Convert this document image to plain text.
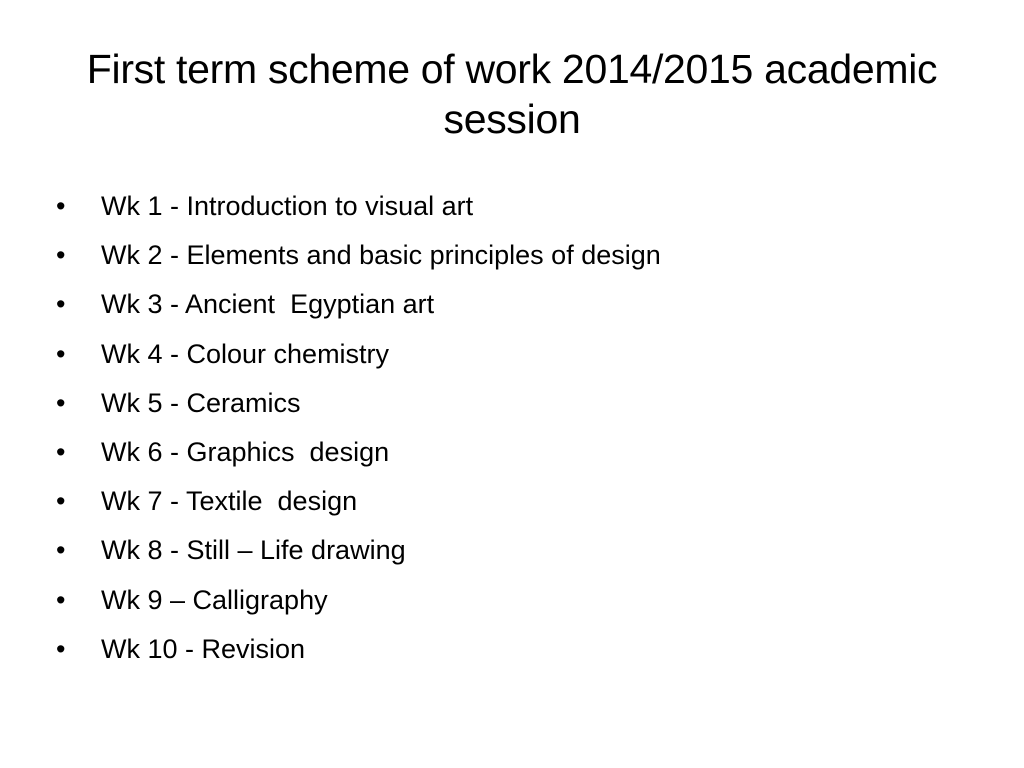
First term scheme of work 2014/2015 academic session
•	Wk 1 - Introduction to visual art
•	Wk 2 - Elements and basic principles of design
•	Wk 3 - Ancient  Egyptian art
•	Wk 4 - Colour chemistry
•	Wk 5 - Ceramics
•	Wk 6 - Graphics  design
•	Wk 7 - Textile  design
•	Wk 8 - Still – Life drawing
•	Wk 9 – Calligraphy
•	Wk 10 - Revision
